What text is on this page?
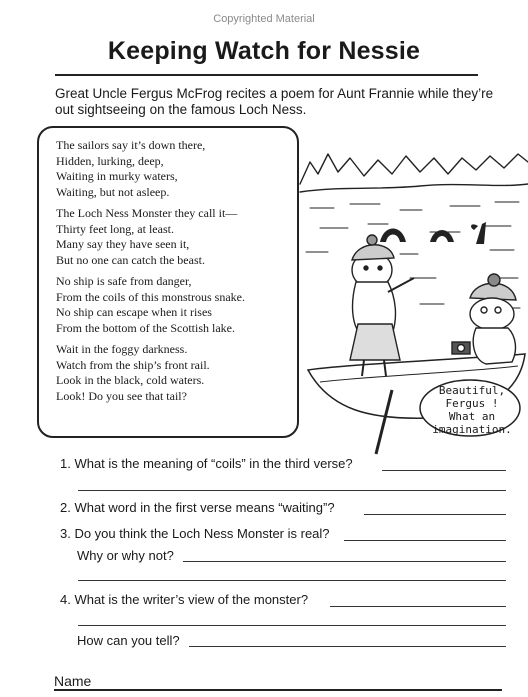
Copyrighted Material
Keeping Watch for Nessie
Great Uncle Fergus McFrog recites a poem for Aunt Frannie while they’re out sightseeing on the famous Loch Ness.
The sailors say it’s down there,
Hidden, lurking, deep,
Waiting in murky waters,
Waiting, but not asleep.
The Loch Ness Monster they call it—
Thirty feet long, at least.
Many say they have seen it,
But no one can catch the beast.
No ship is safe from danger,
From the coils of this monstrous snake.
No ship can escape when it rises
From the bottom of the Scottish lake.
Wait in the foggy darkness.
Watch from the ship’s front rail.
Look in the black, cold waters.
Look! Do you see that tail?	Beautiful,
Fergus !
What an
imagination.
1. What is the meaning of “coils” in the third verse?
2. What word in the first verse means “waiting”?
3. Do you think the Loch Ness Monster is real?
Why or why not?
4. What is the writer’s view of the monster?
How can you tell?
Name
